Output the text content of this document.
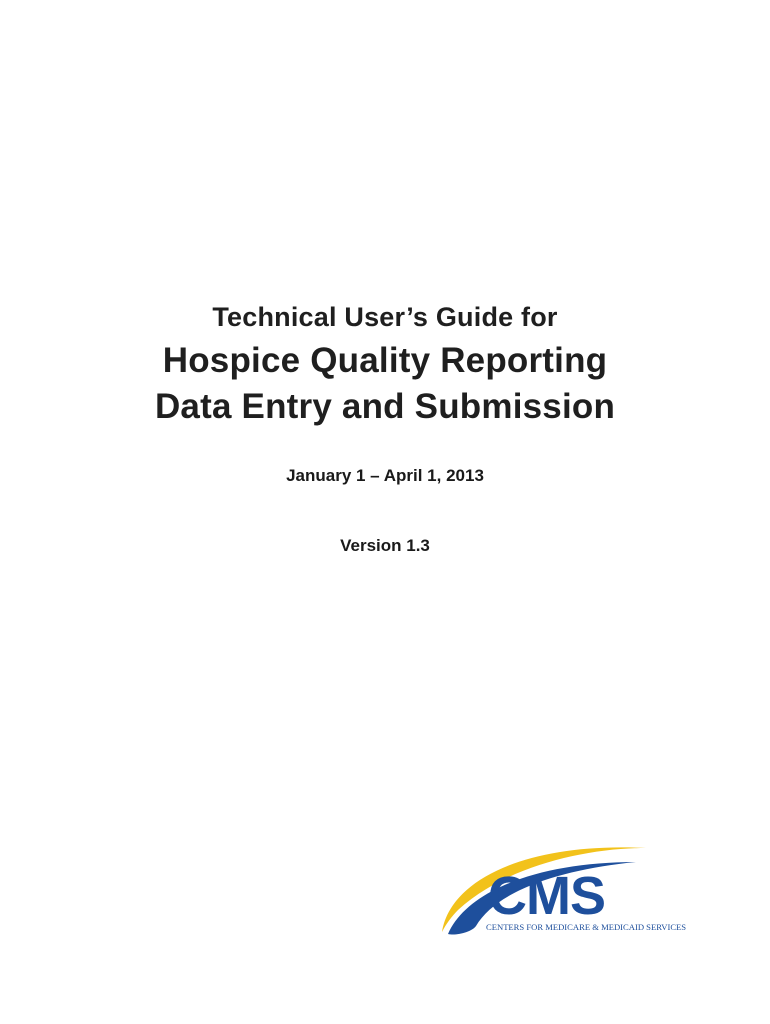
Technical User’s Guide for
Hospice Quality Reporting
Data Entry and Submission
January 1 – April 1, 2013
Version 1.3
CMS
CENTERS FOR MEDICARE & MEDICAID SERVICES
